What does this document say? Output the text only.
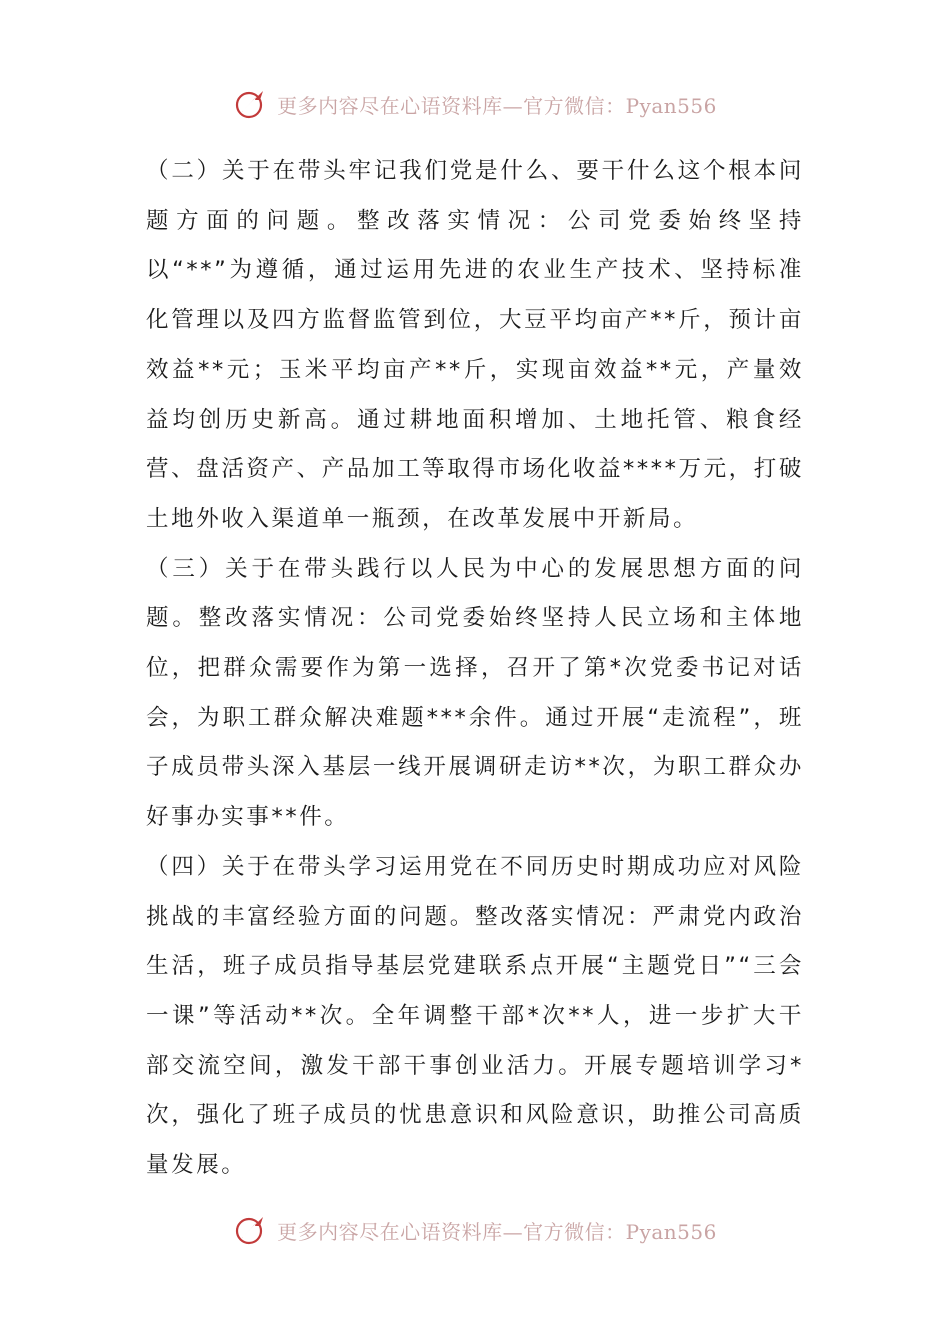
更多内容尽在心语资料库—官方微信：Pyan556

（二）关于在带头牢记我们党是什么、要干什么这个根本问题方面的问题。整改落实情况：公司党委始终坚持以“**”为遵循，通过运用先进的农业生产技术、坚持标准化管理以及四方监督监管到位，大豆平均亩产**斤，预计亩效益**元；玉米平均亩产**斤，实现亩效益**元，产量效益均创历史新高。通过耕地面积增加、土地托管、粮食经营、盘活资产、产品加工等取得市场化收益****万元，打破土地外收入渠道单一瓶颈，在改革发展中开新局。

（三）关于在带头践行以人民为中心的发展思想方面的问题。整改落实情况：公司党委始终坚持人民立场和主体地位，把群众需要作为第一选择，召开了第*次党委书记对话会，为职工群众解决难题***余件。通过开展“走流程”，班子成员带头深入基层一线开展调研走访**次，为职工群众办好事办实事**件。

（四）关于在带头学习运用党在不同历史时期成功应对风险挑战的丰富经验方面的问题。整改落实情况：严肃党内政治生活，班子成员指导基层党建联系点开展“主题党日”“三会一课”等活动**次。全年调整干部*次**人，进一步扩大干部交流空间，激发干部干事创业活力。开展专题培训学习*次，强化了班子成员的忧患意识和风险意识，助推公司高质量发展。

更多内容尽在心语资料库—官方微信：Pyan556
